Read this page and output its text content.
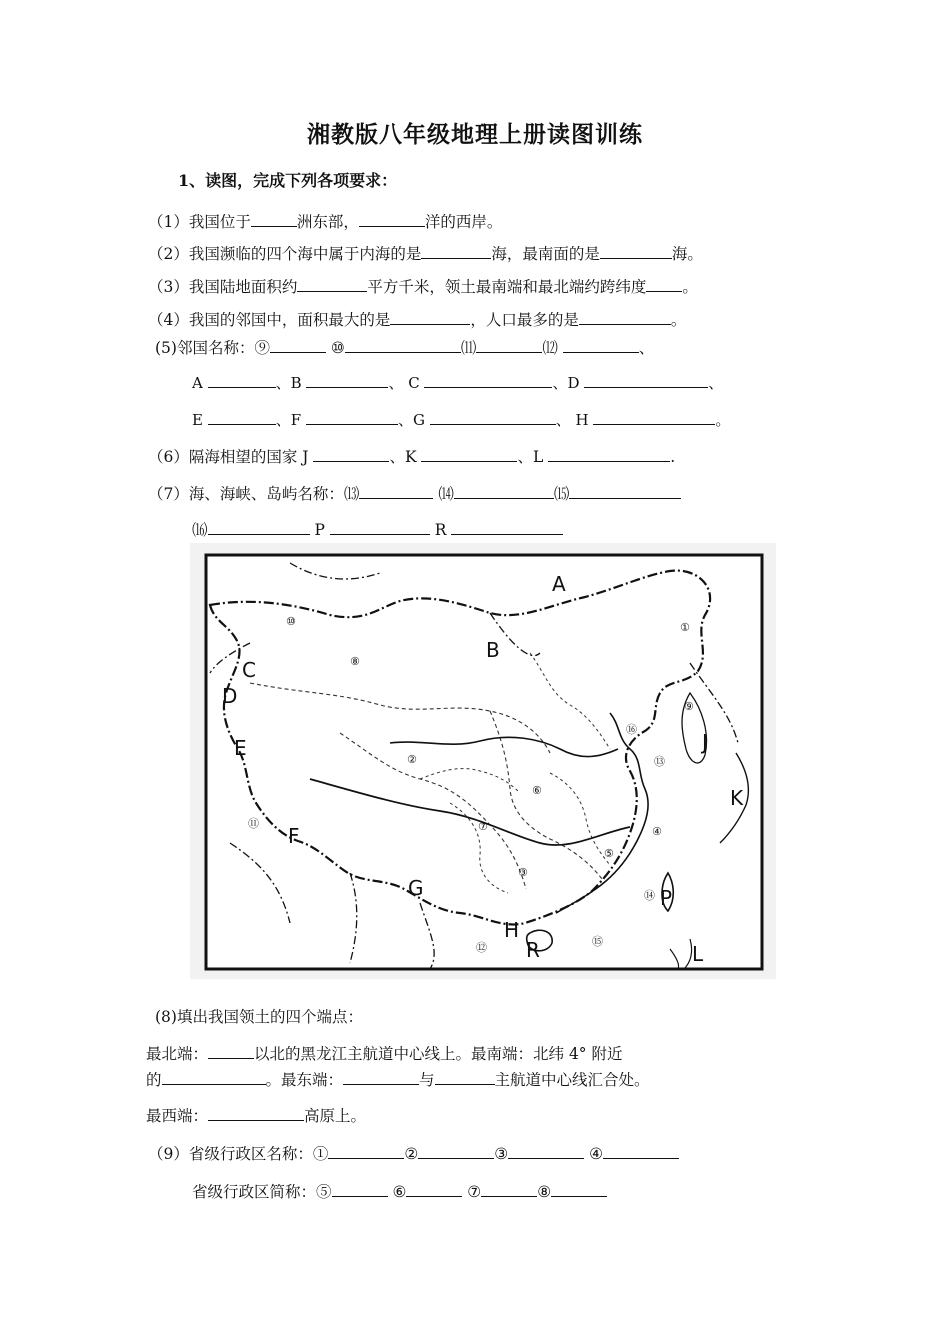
湘教版八年级地理上册读图训练
1、读图，完成下列各项要求：
（1）我国位于	洲东部，	洋的西岸。
（2）我国濒临的四个海中属于内海的是	海，最南面的是	海。
（3）我国陆地面积约	平方千米，领土最南端和最北端约跨纬度 。
（4）我国的邻国中，面积最大的是	，人口最多的是	。
(5)邻国名称：⑨	⑩	⑾	⑿	、
A	、B	、 C	、D	、
E	、F	、G	、 H	。
（6）隔海相望的国家 J	、K	、L	.
（7）海、海峡、岛屿名称：⒀	⒁	⒂
⒃	P	R
A
B
C
D
E
F
G
H
J
K
P
R	L
①
②
③
④
⑤
⑥
⑦
⑧
⑨
⑩
⑪
⑫
⑬
⑭
⑮
⑯
(8)填出我国领土的四个端点：
最北端：	以北的黑龙江主航道中心线上。最南端：北纬 4° 附近
的	。最东端：	与	主航道中心线汇合处。
最西端：	高原上。
（9）省级行政区名称：①	②	③	④
省级行政区简称：⑤	⑥	⑦	⑧
